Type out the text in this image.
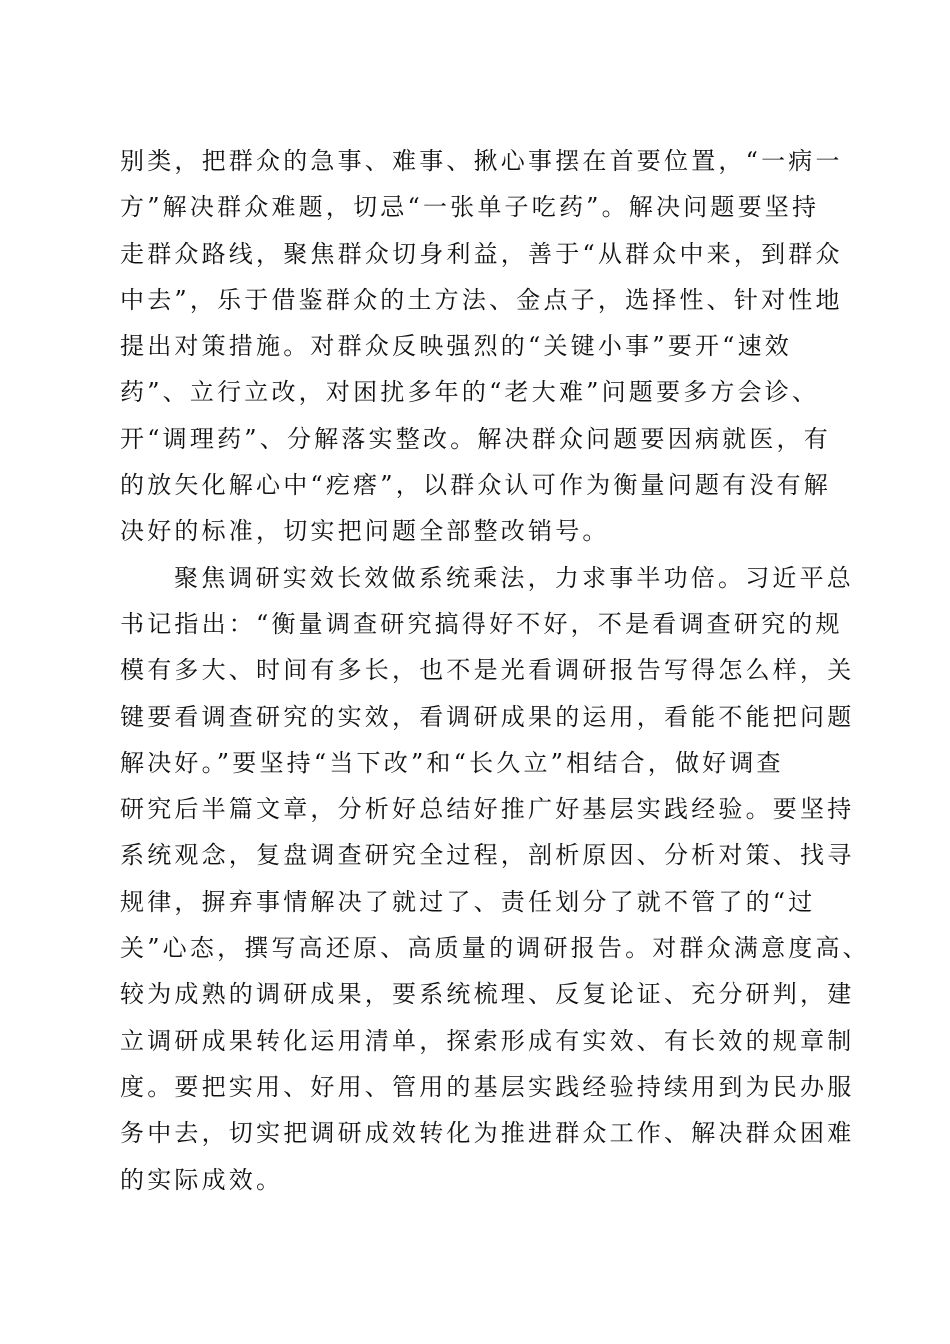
别类，把群众的急事、难事、揪心事摆在首要位置，“一病一
方”解决群众难题，切忌“一张单子吃药”。解决问题要坚持
走群众路线，聚焦群众切身利益，善于“从群众中来，到群众
中去”，乐于借鉴群众的土方法、金点子，选择性、针对性地
提出对策措施。对群众反映强烈的“关键小事”要开“速效
药”、立行立改，对困扰多年的“老大难”问题要多方会诊、
开“调理药”、分解落实整改。解决群众问题要因病就医，有
的放矢化解心中“疙瘩”，以群众认可作为衡量问题有没有解
决好的标准，切实把问题全部整改销号。
聚焦调研实效长效做系统乘法，力求事半功倍。习近平总
书记指出：“衡量调查研究搞得好不好，不是看调查研究的规
模有多大、时间有多长，也不是光看调研报告写得怎么样，关
键要看调查研究的实效，看调研成果的运用，看能不能把问题
解决好。”要坚持“当下改”和“长久立”相结合，做好调查
研究后半篇文章，分析好总结好推广好基层实践经验。要坚持
系统观念，复盘调查研究全过程，剖析原因、分析对策、找寻
规律，摒弃事情解决了就过了、责任划分了就不管了的“过
关”心态，撰写高还原、高质量的调研报告。对群众满意度高、
较为成熟的调研成果，要系统梳理、反复论证、充分研判，建
立调研成果转化运用清单，探索形成有实效、有长效的规章制
度。要把实用、好用、管用的基层实践经验持续用到为民办服
务中去，切实把调研成效转化为推进群众工作、解决群众困难
的实际成效。
